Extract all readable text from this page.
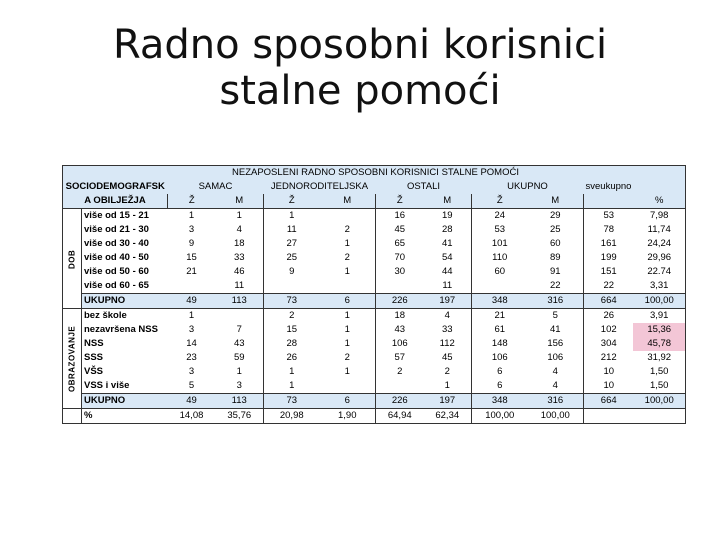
Radno sposobni korisnici stalne pomoći
		NEZAPOSLENI RADNO SPOSOBNI KORISNICI STALNE POMOĆI									
SOCIODEMOGRAFSK		SAMAC		JEDNORODITELJSKA		OSTALI		UKUPNO		sveukupno	
A OBILJEŽJA		Ž	M	Ž	M	Ž	M	Ž	M		%
DOB	više od 15 - 21	1	1	1		16	19	24	29	53	7,98
	više od 21 - 30	3	4	11	2	45	28	53	25	78	11,74
	više od 30 - 40	9	18	27	1	65	41	101	60	161	24,24
	više od 40 - 50	15	33	25	2	70	54	110	89	199	29,96
	više od 50 - 60	21	46	9	1	30	44	60	91	151	22.74
	više od 60 - 65		11				11		22	22	3,31
	UKUPNO	49	113	73	6	226	197	348	316	664	100,00
OBRAZOVANJE	bez škole	1		2	1	18	4	21	5	26	3,91
	nezavršena NSS	3	7	15	1	43	33	61	41	102	15,36
	NSS	14	43	28	1	106	112	148	156	304	45,78
	SSS	23	59	26	2	57	45	106	106	212	31,92
	VŠS	3	1	1	1	2	2	6	4	10	1,50
	VSS i više	5	3	1			1	6	4	10	1,50
	UKUPNO	49	113	73	6	226	197	348	316	664	100,00
	%	14,08	35,76	20,98	1,90	64,94	62,34	100,00	100,00		
